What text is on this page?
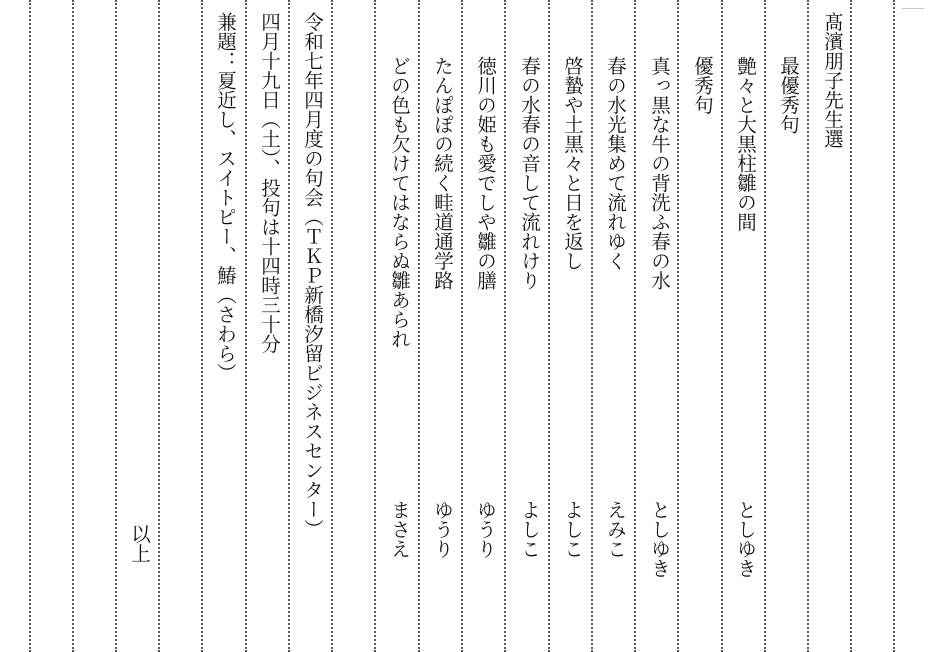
髙濱朋子先生選
最優秀句
艶々と大黒柱雛の間
としゆき
優秀句
真っ黒な牛の背洗ふ春の水
としゆき
春の水光集めて流れゆく
えみこ
啓蟄や土黒々と日を返し
よしこ
春の水春の音して流れけり
よしこ
徳川の姫も愛でしや雛の膳
ゆうり
たんぽぽの続く畦道通学路
ゆうり
どの色も欠けてはならぬ雛あられ
まさえ
令和七年四月度の句会（ＴＫＰ新橋汐留ビジネスセンター）
四月十九日（土）、投句は十四時三十分
兼題：夏近し、スイトピー、鰆（さわら）
以上
